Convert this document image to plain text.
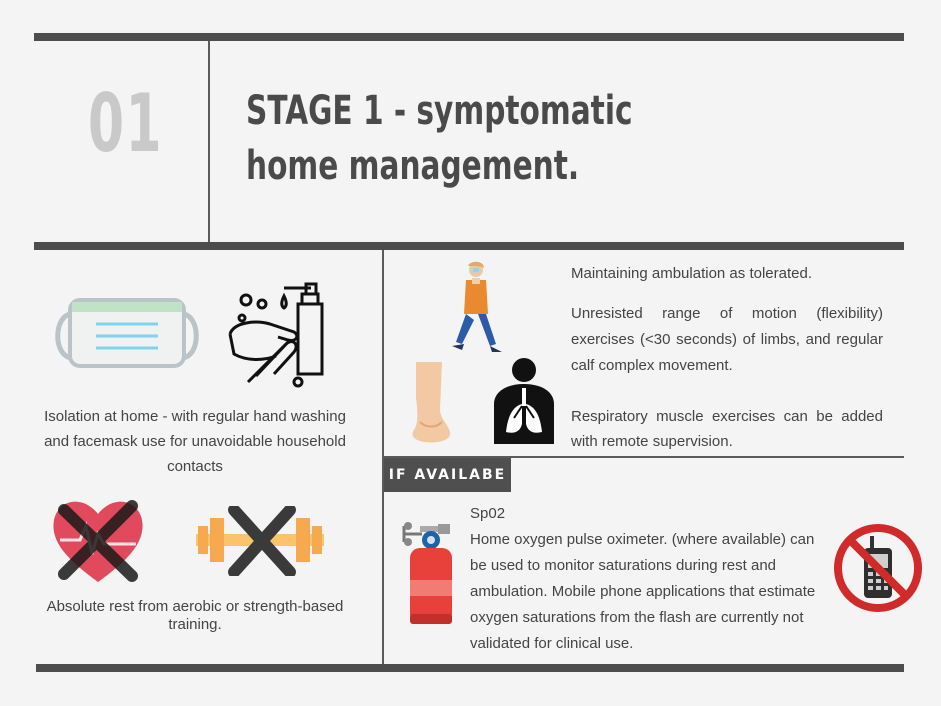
01 STAGE 1 - symptomatic
home management.
Isolation at home - with regular hand washing and facemask use for unavoidable household contacts
Absolute rest from aerobic or strength-based training.
Maintaining ambulation as tolerated.
Unresisted range of motion (flexibility) exercises (<30 seconds) of limbs, and regular calf complex movement.
Respiratory muscle exercises can be added with remote supervision.
IF AVAILABE
Sp02
Home oxygen pulse oximeter. (where available) can be used to monitor saturations during rest and ambulation. Mobile phone applications that estimate oxygen saturations from the flash are currently not validated for clinical use.
